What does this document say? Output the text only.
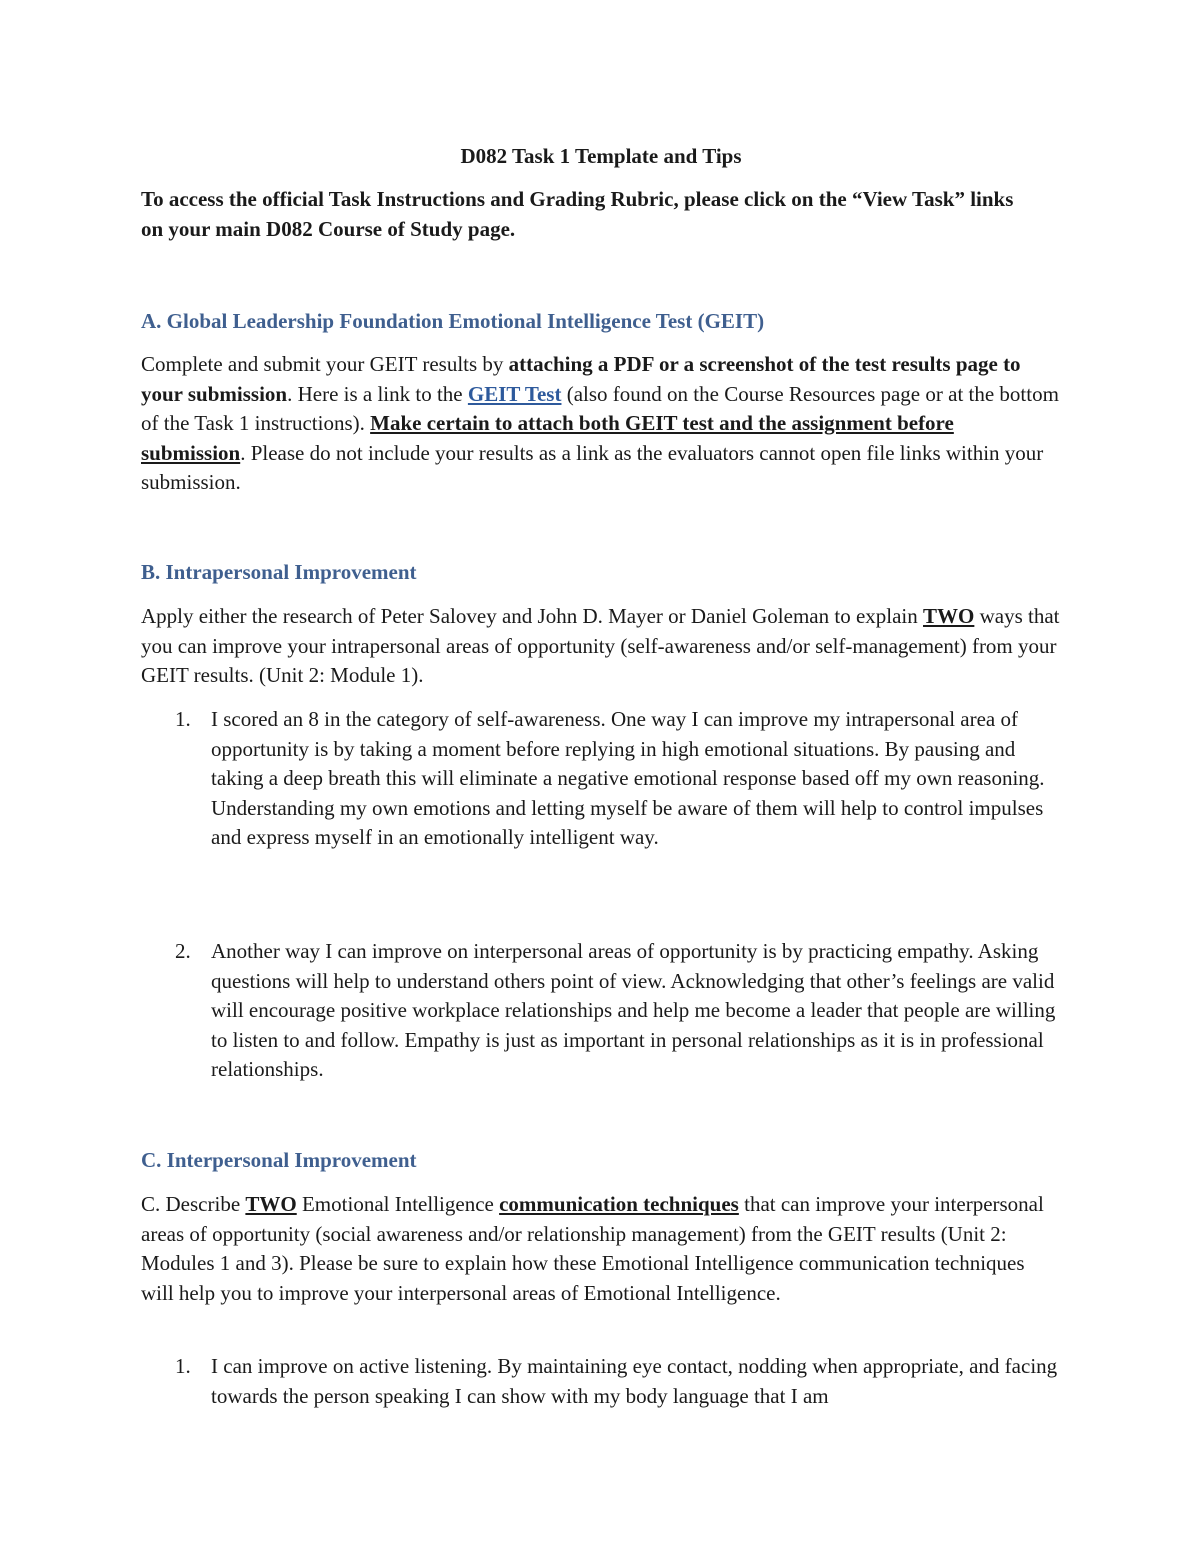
D082 Task 1 Template and Tips

To access the official Task Instructions and Grading Rubric, please click on the “View Task” links on your main D082 Course of Study page.

A. Global Leadership Foundation Emotional Intelligence Test (GEIT)

Complete and submit your GEIT results by attaching a PDF or a screenshot of the test results page to your submission. Here is a link to the GEIT Test (also found on the Course Resources page or at the bottom of the Task 1 instructions). Make certain to attach both GEIT test and the assignment before submission. Please do not include your results as a link as the evaluators cannot open file links within your submission.

B. Intrapersonal Improvement

Apply either the research of Peter Salovey and John D. Mayer or Daniel Goleman to explain TWO ways that you can improve your intrapersonal areas of opportunity (self-awareness and/or self-management) from your GEIT results. (Unit 2: Module 1).

1. I scored an 8 in the category of self-awareness. One way I can improve my intrapersonal area of opportunity is by taking a moment before replying in high emotional situations. By pausing and taking a deep breath this will eliminate a negative emotional response based off my own reasoning. Understanding my own emotions and letting myself be aware of them will help to control impulses and express myself in an emotionally intelligent way.
2. Another way I can improve on interpersonal areas of opportunity is by practicing empathy. Asking questions will help to understand others point of view. Acknowledging that other’s feelings are valid will encourage positive workplace relationships and help me become a leader that people are willing to listen to and follow. Empathy is just as important in personal relationships as it is in professional relationships.
C. Interpersonal Improvement

C. Describe TWO Emotional Intelligence communication techniques that can improve your interpersonal areas of opportunity (social awareness and/or relationship management) from the GEIT results (Unit 2: Modules 1 and 3). Please be sure to explain how these Emotional Intelligence communication techniques will help you to improve your interpersonal areas of Emotional Intelligence.

1. I can improve on active listening. By maintaining eye contact, nodding when appropriate, and facing towards the person speaking I can show with my body language that I am
